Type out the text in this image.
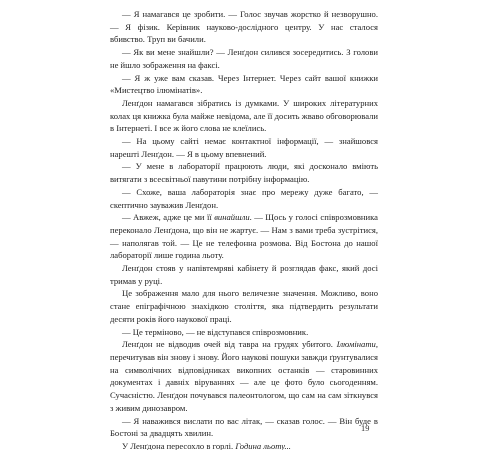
— Я намагався це зробити. — Голос звучав жорстко й незворушно. — Я фізик. Керівник науково-дослідного центру. У нас сталося вбивство. Труп ви бачили.

— Як ви мене знайшли? — Ленґдон силився зосередитись. З голови не йшло зображення на факсі.

— Я ж уже вам сказав. Через Інтернет. Через сайт вашої книжки «Мистецтво ілюмінатів».

Ленґдон намагався зібратись із думками. У широких літературних колах ця книжка була майже невідома, але її досить жваво обговорювали в Інтернеті. І все ж його слова не клеїлись.

— На цьому сайті немає контактної інформації, — знайшовся нарешті Ленґдон. — Я в цьому впевнений.

— У мене в лабораторії працюють люди, які досконало вміють витягати з всесвітньої павутини потрібну інформацію.

— Схоже, ваша лабораторія знає про мережу дуже багато, — скептично зауважив Ленґдон.

— Авжеж, адже це ми її винайшли. — Щось у голосі співрозмовника переконало Ленґдона, що він не жартує. — Нам з вами треба зустрітися, — наполягав той. — Це не телефонна розмова. Від Бостона до нашої лабораторії лише година льоту.

Ленґдон стояв у напівтемряві кабінету й розглядав факс, який досі тримав у руці.

Це зображення мало для нього величезне значення. Можливо, воно стане епіграфічною знахідкою століття, яка підтвердить результати десяти років його наукової праці.

— Це терміново, — не відступався співрозмовник.

Ленґдон не відводив очей від тавра на грудях убитого. Ілюмінати, перечитував він знову і знову. Його наукові пошуки завжди ґрунтувалися на символічних відповідниках викопних останків — старовинних документах і давніх віруваннях — але це фото було сьогоденням. Сучасністю. Ленґдон почувався палеонтологом, що сам на сам зіткнувся з живим динозавром.

— Я наважився вислати по вас літак, — сказав голос. — Він буде в Бостоні за двадцять хвилин.

У Ленґдона пересохло в горлі. Година льоту...

19
